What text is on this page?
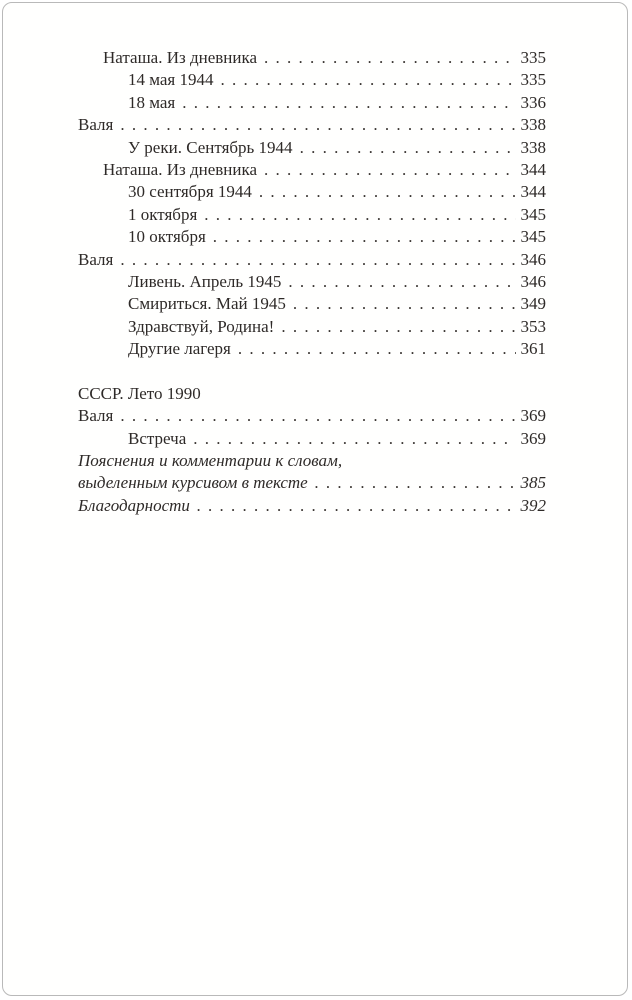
Наташа. Из дневника . . .	335
14 мая 1944 . . .	335
18 мая . . .	336
Валя . . .	338
У реки. Сентябрь 1944 . . .	338
Наташа. Из дневника . . .	344
30 сентября 1944 . . .	344
1 октября . . .	345
10 октября . . .	345
Валя . . .	346
Ливень. Апрель 1945 . . .	346
Смириться. Май 1945 . . .	349
Здравствуй, Родина! . . .	353
Другие лагеря . . .	361
СССР. Лето 1990
Валя . . .	369
Встреча . . .	369
Пояснения и комментарии к словам,
выделенным курсивом в тексте . . .	385
Благодарности . . .	392
